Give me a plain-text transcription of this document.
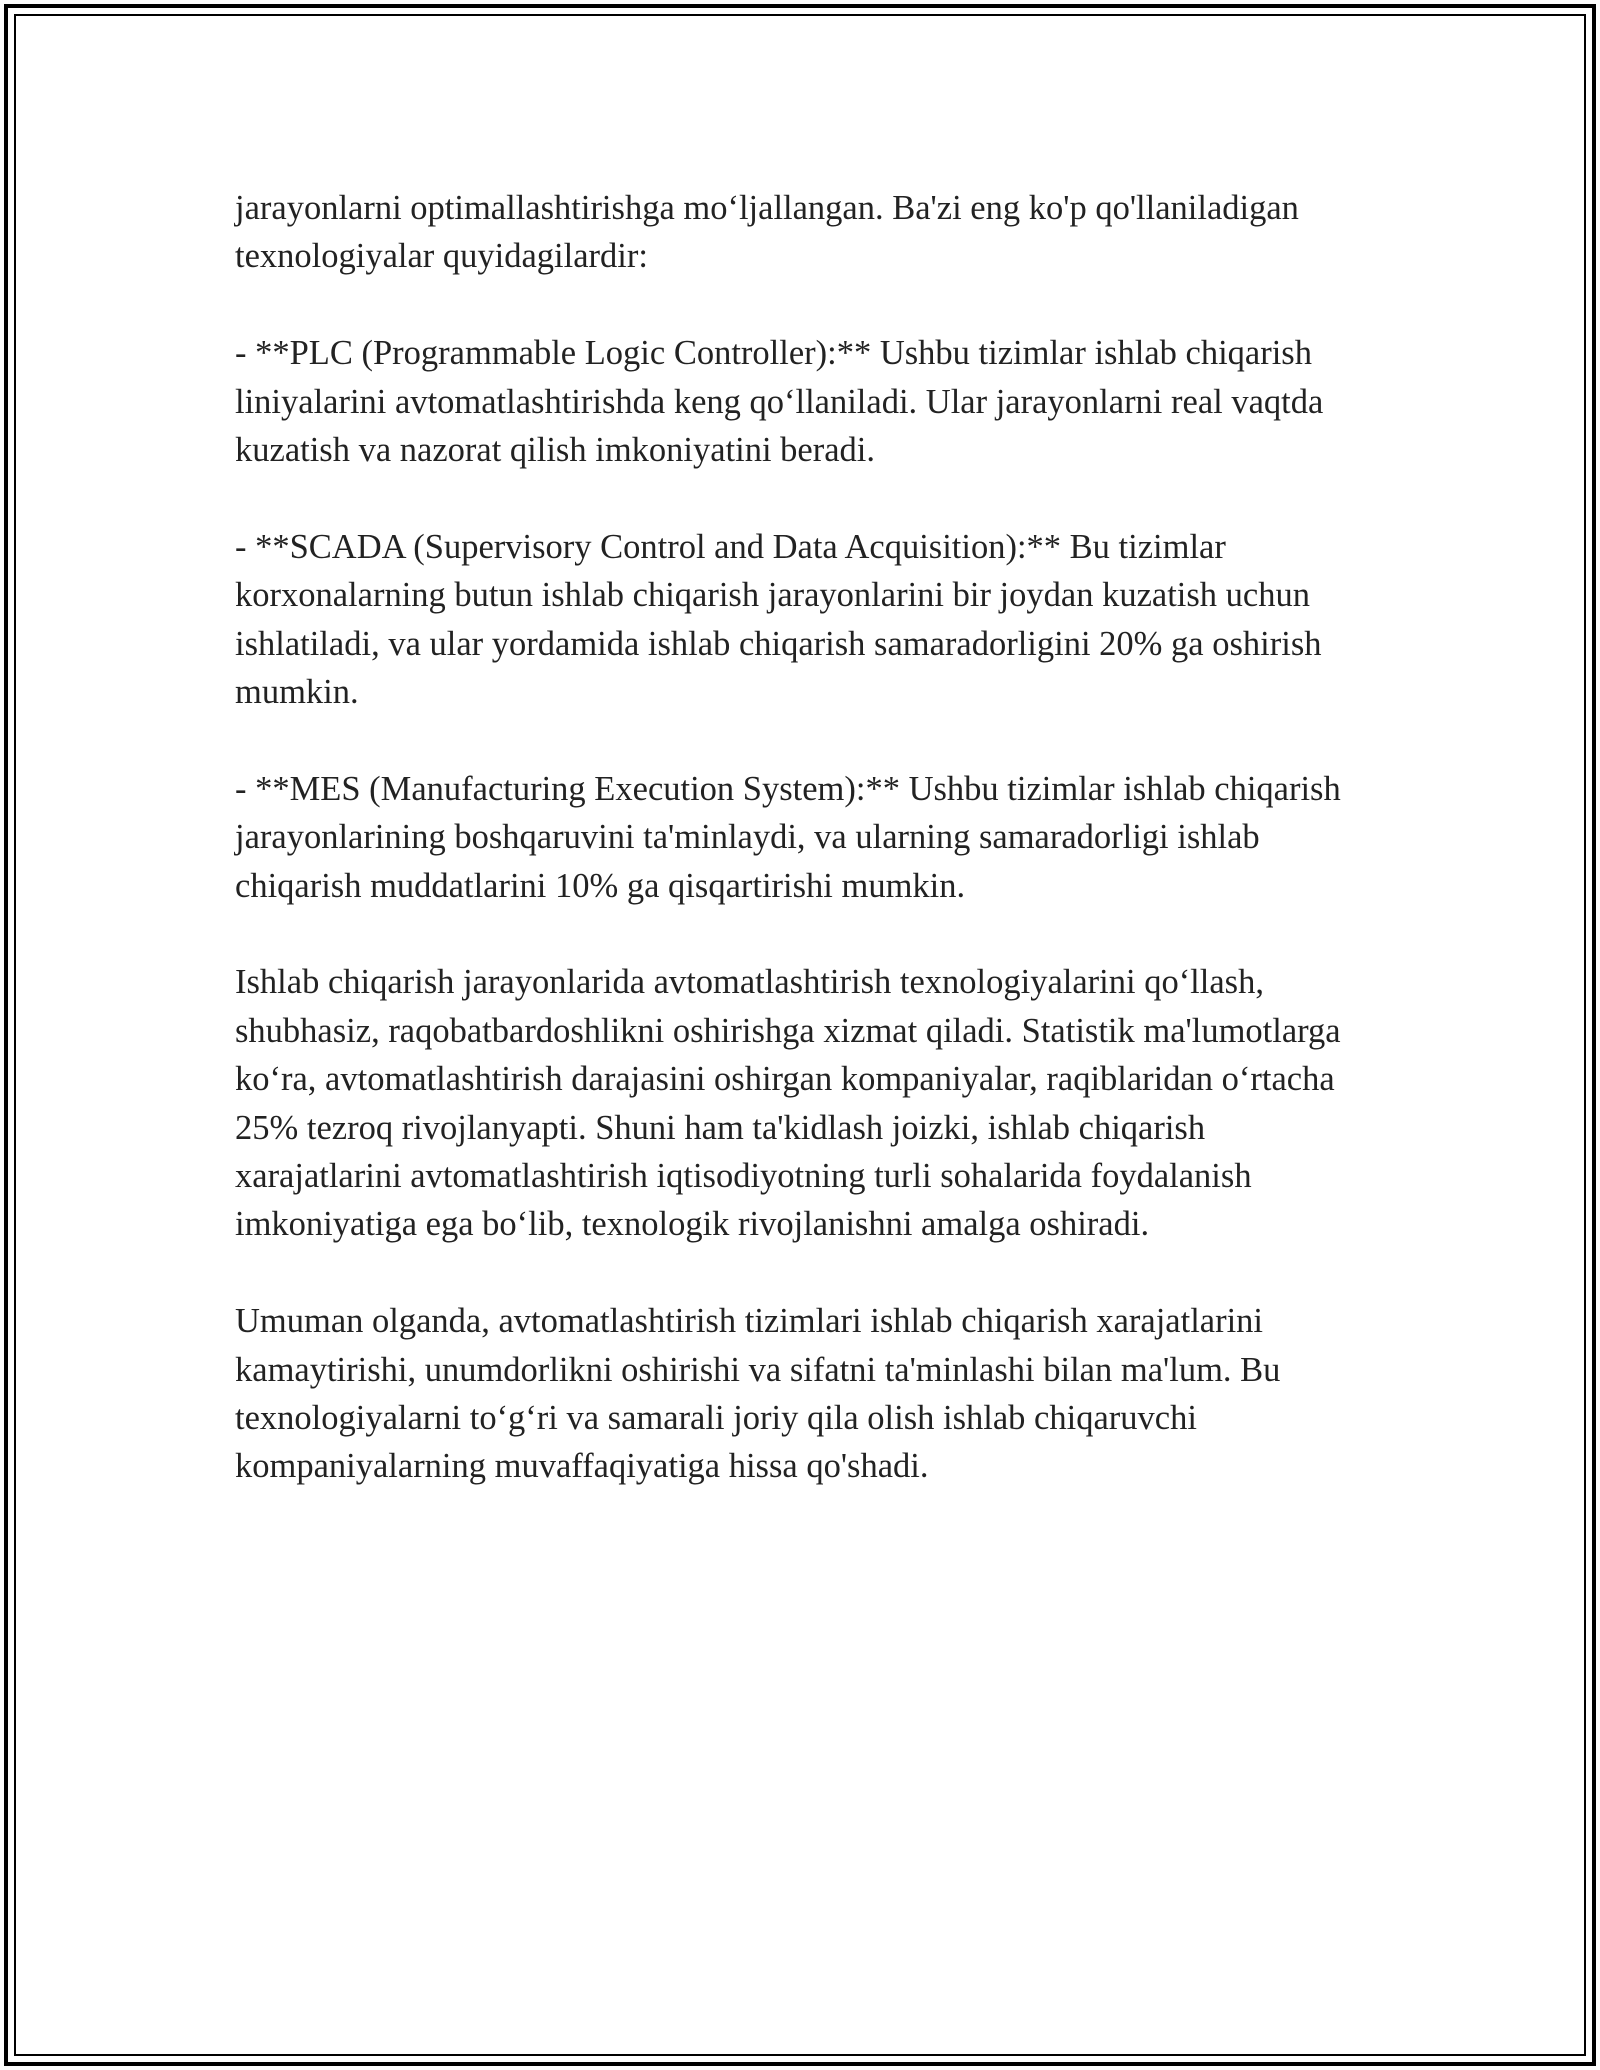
jarayonlarni optimallashtirishga mo‘ljallangan. Ba'zi eng ko'p qo'llaniladigan texnologiyalar quyidagilardir:

- **PLC (Programmable Logic Controller):** Ushbu tizimlar ishlab chiqarish liniyalarini avtomatlashtirishda keng qo‘llaniladi. Ular jarayonlarni real vaqtda kuzatish va nazorat qilish imkoniyatini beradi.

- **SCADA (Supervisory Control and Data Acquisition):** Bu tizimlar korxonalarning butun ishlab chiqarish jarayonlarini bir joydan kuzatish uchun ishlatiladi, va ular yordamida ishlab chiqarish samaradorligini 20% ga oshirish mumkin.

- **MES (Manufacturing Execution System):** Ushbu tizimlar ishlab chiqarish jarayonlarining boshqaruvini ta'minlaydi, va ularning samaradorligi ishlab chiqarish muddatlarini 10% ga qisqartirishi mumkin.

Ishlab chiqarish jarayonlarida avtomatlashtirish texnologiyalarini qo‘llash, shubhasiz, raqobatbardoshlikni oshirishga xizmat qiladi. Statistik ma'lumotlarga ko‘ra, avtomatlashtirish darajasini oshirgan kompaniyalar, raqiblaridan o‘rtacha 25% tezroq rivojlanyapti. Shuni ham ta'kidlash joizki, ishlab chiqarish xarajatlarini avtomatlashtirish iqtisodiyotning turli sohalarida foydalanish imkoniyatiga ega bo‘lib, texnologik rivojlanishni amalga oshiradi.

Umuman olganda, avtomatlashtirish tizimlari ishlab chiqarish xarajatlarini kamaytirishi, unumdorlikni oshirishi va sifatni ta'minlashi bilan ma'lum. Bu texnologiyalarni to‘g‘ri va samarali joriy qila olish ishlab chiqaruvchi kompaniyalarning muvaffaqiyatiga hissa qo'shadi.
